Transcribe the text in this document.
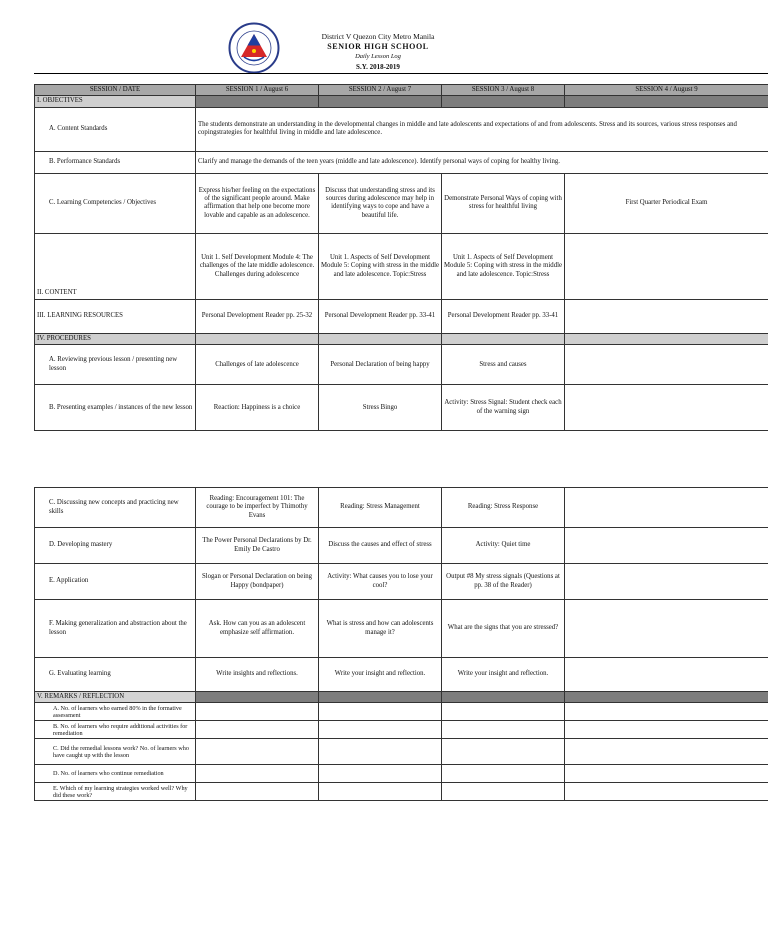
District V Quezon City Metro Manila
SENIOR HIGH SCHOOL
Daily Lesson Log
S.Y. 2018-2019
SESSION / DATE	SESSION 1 / August 6	SESSION 2 / August 7	SESSION 3 / August 8	SESSION 4 / August 9
I. OBJECTIVES				
A. Content Standards	The students demonstrate an understanding in the developmental changes in middle and late adolescents and expectations of and from adolescents. Stress and its sources, various stress responses and copingstrategies for healthful living in middle and late adolescence.			
B. Performance Standards	Clarify and manage the demands of the teen years (middle and late adolescence). Identify personal ways of coping for healthy living.			
C. Learning Competencies / Objectives	Express his/her feeling on the expectations of the significant people around. Make affirmation that help one become more lovable and capable as an adolescence.	Discuss that understanding stress and its sources during adolescence may help in identifying ways to cope and have a beautiful life.	Demonstrate Personal Ways of coping with stress for healthful living	First Quarter Periodical Exam
II. CONTENT	Unit 1. Self Development Module 4: The challenges of the late middle adolescence. Challenges during adolescence	Unit 1. Aspects of Self Development Module 5: Coping with stress in the middle and late adolescence. Topic:Stress	Unit 1. Aspects of Self Development Module 5: Coping with stress in the middle and late adolescence. Topic:Stress	
III. LEARNING RESOURCES	Personal Development Reader pp. 25-32	Personal Development Reader pp. 33-41	Personal Development Reader pp. 33-41	
IV. PROCEDURES				
A. Reviewing previous lesson / presenting new lesson	Challenges of late adolescence	Personal Declaration of being happy	Stress and causes	
B. Presenting examples / instances of the new lesson	Reaction: Happiness is a choice	Stress Bingo	Activity: Stress Signal: Student check each of the warning sign	
C. Discussing new concepts and practicing new skills	Reading: Encouragement 101: The courage to be imperfect by Thimothy Evans	Reading: Stress Management	Reading: Stress Response	
D. Developing mastery	The Power Personal Declarations by Dr. Emily De Castro	Discuss the causes and effect of stress	Activity: Quiet time	
E. Application	Slogan or Personal Declaration on being Happy (bondpaper)	Activity: What causes you to lose your cool?	Output #8 My stress signals (Questions at pp. 38 of the Reader)	
F. Making generalization and abstraction about the lesson	Ask. How can you as an adolescent emphasize self affirmation.	What is stress and how can adolescents manage it?	What are the signs that you are stressed?	
G. Evaluating learning	Write insights and reflections.	Write your insight and reflection.	Write your insight and reflection.	
V. REMARKS / REFLECTION				
A. No. of learners who earned 80% in the formative assessment				
B. No. of learners who require additional activities for remediation				
C. Did the remedial lessons work? No. of learners who have caught up with the lesson				
D. No. of learners who continue remediation				
E. Which of my learning strategies worked well? Why did these work?				
